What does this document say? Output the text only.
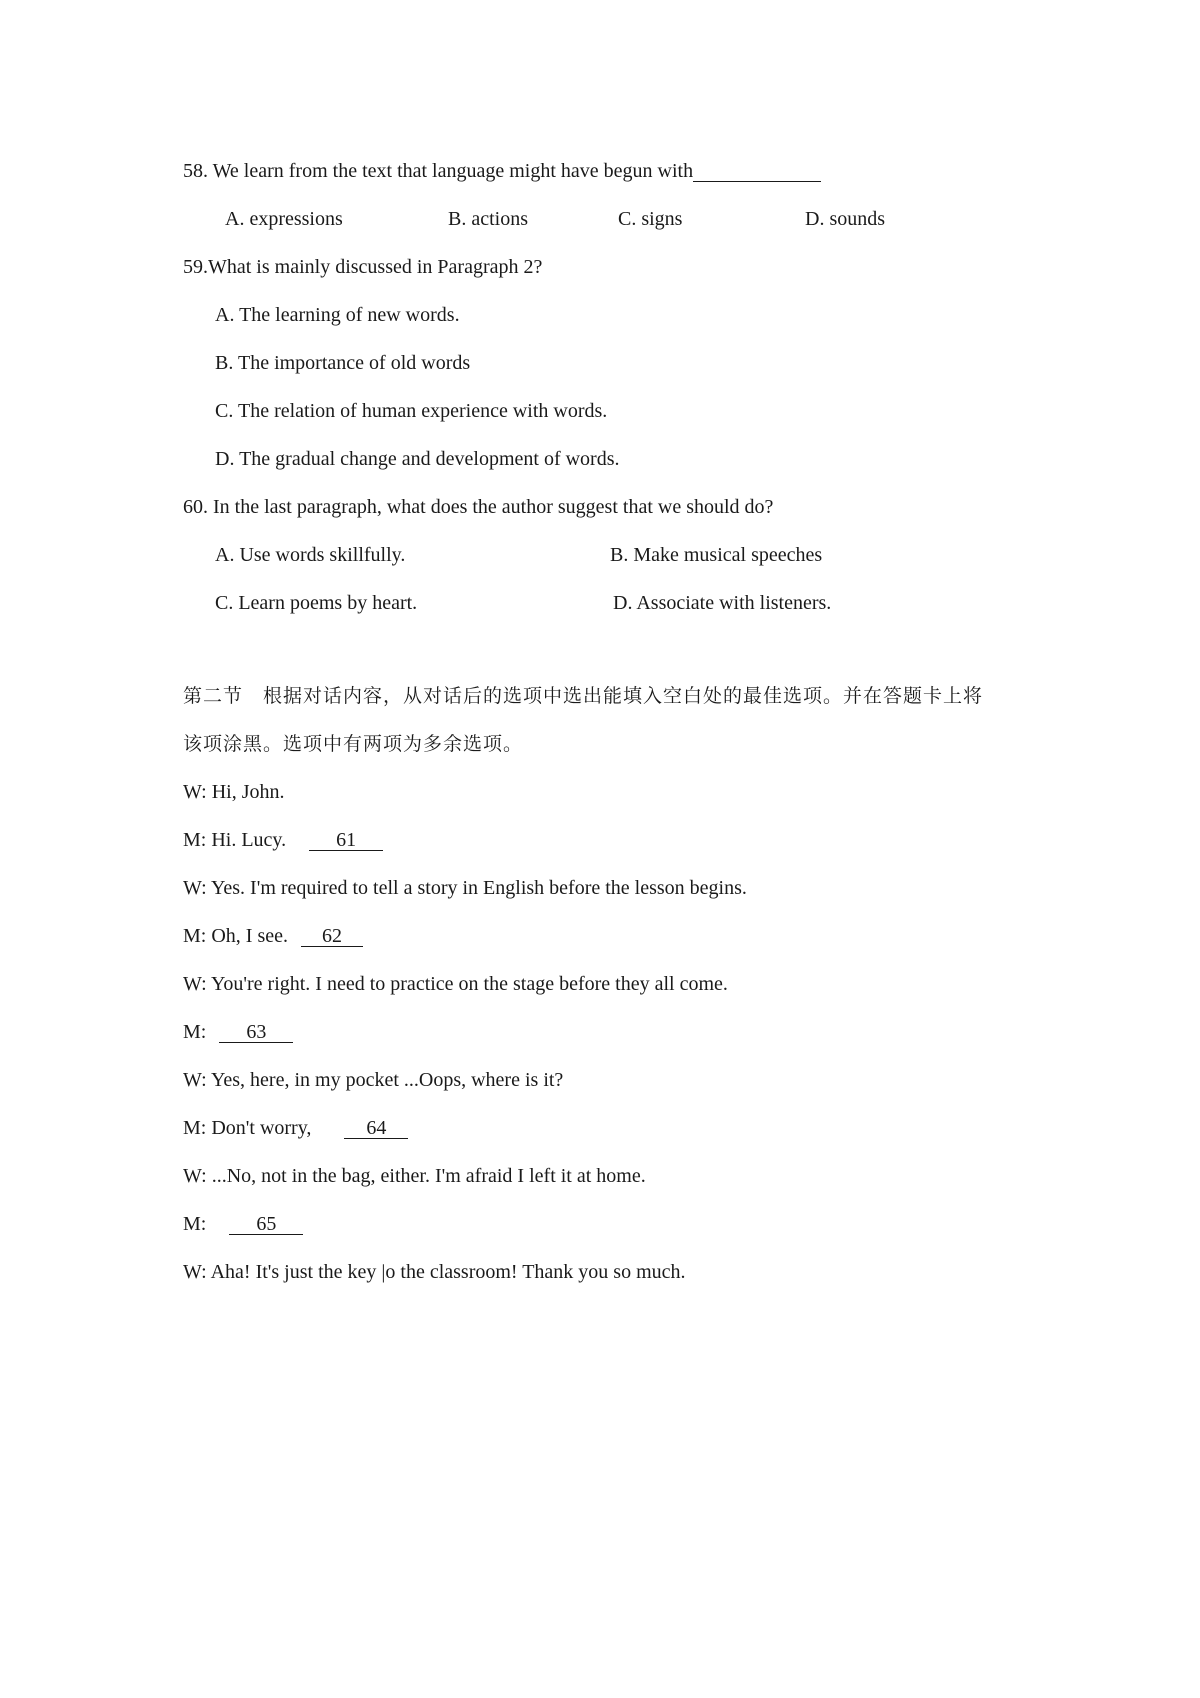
58. We learn from the text that language might have begun with
A. expressions	B. actions	C. signs	D. sounds
59.What is mainly discussed in Paragraph 2?
A. The learning of new words.
B. The importance of old words
C. The relation of human experience with words.
D. The gradual change and development of words.
60. In the last paragraph, what does the author suggest that we should do?
A. Use words skillfully.	B. Make musical speeches
C. Learn poems by heart.	D. Associate with listeners.
第二节　根据对话内容，从对话后的选项中选出能填入空白处的最佳选项。并在答题卡上将
该项涂黑。选项中有两项为多余选项。
W: Hi, John.
M: Hi. Lucy.	61
W: Yes. I'm required to tell a story in English before the lesson begins.
M: Oh, I see. 62
W: You're right. I need to practice on the stage before they all come.
M: 63
W: Yes, here, in my pocket ...Oops, where is it?
M: Don't worry,	64
W: ...No, not in the bag, either. I'm afraid I left it at home.
M:	65
W: Aha! It's just the key |o the classroom! Thank you so much.
